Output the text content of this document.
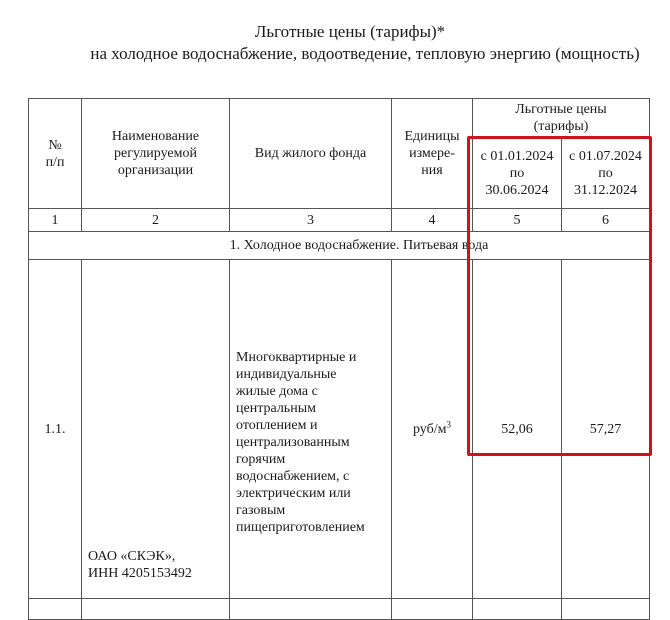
Льготные цены (тарифы)*
на холодное водоснабжение, водоотведение, тепловую энергию (мощность)
№ п/п	Наименование регулируемой организации	Вид жилого фонда	Единицы измере-ния	Льготные цены (тарифы)	
				с 01.01.2024 по 30.06.2024	с 01.07.2024 по 31.12.2024
1	2	3	4	5	6
1. Холодное водоснабжение. Питьевая вода					
1.1.	ОАО «СКЭК», ИНН 4205153492	Многоквартирные и индивидуальные жилые дома с центральным отоплением и централизованным горячим водоснабжением, с электрическим или газовым пищеприготовлением	руб/$м^3$	52,06	57,27
